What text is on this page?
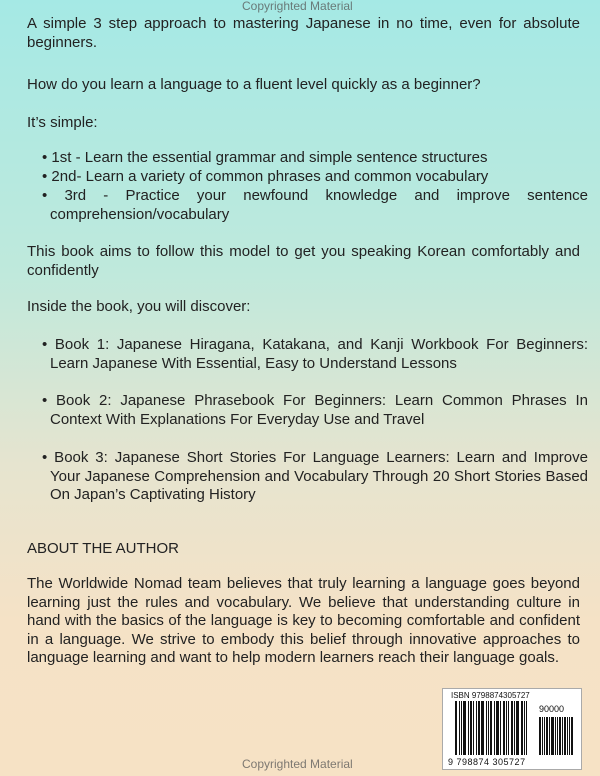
Copyrighted Material

A simple 3 step approach to mastering Japanese in no time, even for absolute beginners.

How do you learn a language to a fluent level quickly as a beginner?

It’s simple:

• 1st - Learn the essential grammar and simple sentence structures

• 2nd- Learn a variety of common phrases and common vocabulary

• 3rd - Practice your newfound knowledge and improve sentence comprehension/vocabulary

This book aims to follow this model to get you speaking Korean comfortably and confidently

Inside the book, you will discover:

• Book 1: Japanese Hiragana, Katakana, and Kanji Workbook For Beginners: Learn Japanese With Essential, Easy to Understand Lessons

• Book 2: Japanese Phrasebook For Beginners: Learn Common Phrases In Context With Explanations For Everyday Use and Travel

• Book 3: Japanese Short Stories For Language Learners: Learn and Improve Your Japanese Comprehension and Vocabulary Through 20 Short Stories Based On Japan’s Captivating History

ABOUT THE AUTHOR

The Worldwide Nomad team believes that truly learning a language goes beyond learning just the rules and vocabulary. We believe that understanding culture in hand with the basics of the language is key to becoming comfortable and confident in a language. We strive to embody this belief through innovative approaches to language learning and want to help modern learners reach their language goals.

ISBN 9798874305727
90000
9 798874 305727
Copyrighted Material
